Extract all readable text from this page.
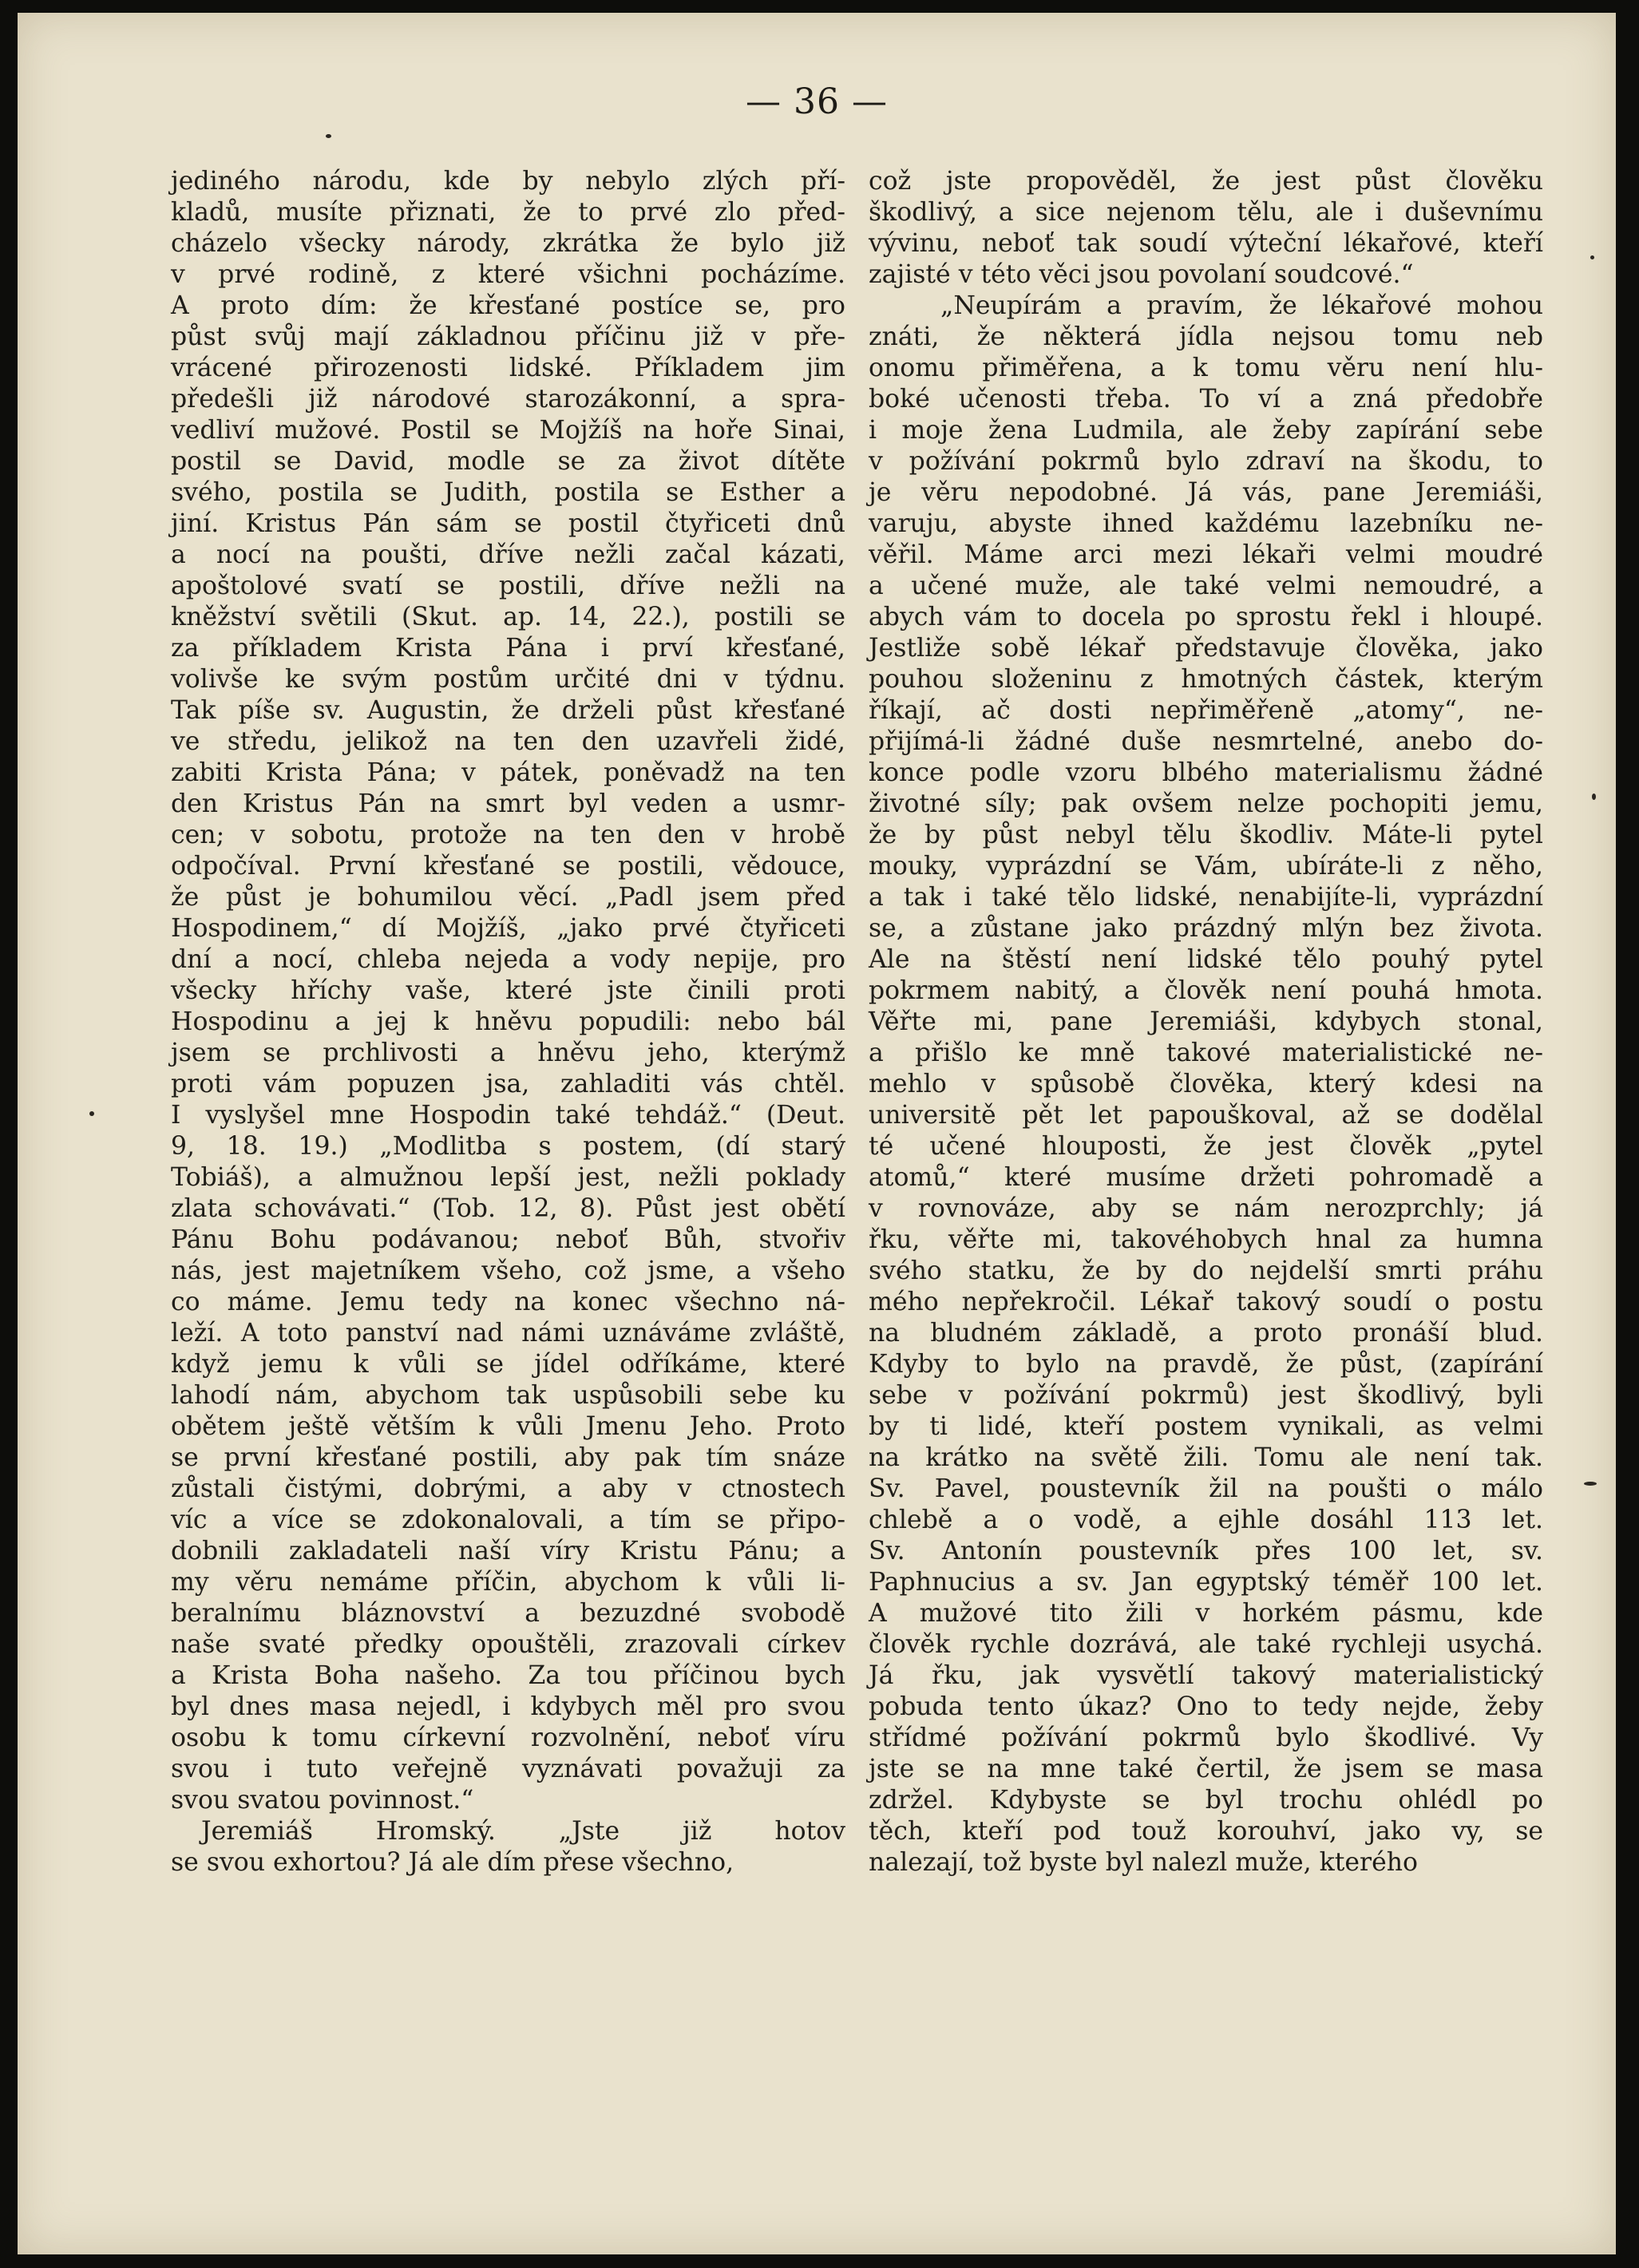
— 36 —
jediného národu, kde by nebylo zlých pří-
kladů, musíte přiznati, že to prvé zlo před-
cházelo všecky národy, zkrátka že bylo již
v prvé rodině, z které všichni pocházíme.
A proto dím: že křesťané postíce se, pro
půst svůj mají základnou příčinu již v pře-
vrácené přirozenosti lidské. Příkladem jim
předešli již národové starozákonní, a spra-
vedliví mužové. Postil se Mojžíš na hoře Sinai,
postil se David, modle se za život dítěte
svého, postila se Judith, postila se Esther a
jiní. Kristus Pán sám se postil čtyřiceti dnů
a nocí na poušti, dříve nežli začal kázati,
apoštolové svatí se postili, dříve nežli na
kněžství světili (Skut. ap. 14, 22.), postili se
za příkladem Krista Pána i prví křesťané,
volivše ke svým postům určité dni v týdnu.
Tak píše sv. Augustin, že drželi půst křesťané
ve středu, jelikož na ten den uzavřeli židé,
zabiti Krista Pána; v pátek, poněvadž na ten
den Kristus Pán na smrt byl veden a usmr-
cen; v sobotu, protože na ten den v hrobě
odpočíval. První křesťané se postili, vědouce,
že půst je bohumilou věcí. „Padl jsem před
Hospodinem,“ dí Mojžíš, „jako prvé čtyřiceti
dní a nocí, chleba nejeda a vody nepije, pro
všecky hříchy vaše, které jste činili proti
Hospodinu a jej k hněvu popudili: nebo bál
jsem se prchlivosti a hněvu jeho, kterýmž
proti vám popuzen jsa, zahladiti vás chtěl.
I vyslyšel mne Hospodin také tehdáž.“ (Deut.
9, 18. 19.) „Modlitba s postem, (dí starý
Tobiáš), a almužnou lepší jest, nežli poklady
zlata schovávati.“ (Tob. 12, 8). Půst jest obětí
Pánu Bohu podávanou; neboť Bůh, stvořiv
nás, jest majetníkem všeho, což jsme, a všeho
co máme. Jemu tedy na konec všechno ná-
leží. A toto panství nad námi uznáváme zvláště,
když jemu k vůli se jídel odříkáme, které
lahodí nám, abychom tak uspůsobili sebe ku
obětem ještě větším k vůli Jmenu Jeho. Proto
se první křesťané postili, aby pak tím snáze
zůstali čistými, dobrými, a aby v ctnostech
víc a více se zdokonalovali, a tím se připo-
dobnili zakladateli naší víry Kristu Pánu; a
my věru nemáme příčin, abychom k vůli li-
beralnímu bláznovství a bezuzdné svobodě
naše svaté předky opouštěli, zrazovali církev
a Krista Boha našeho. Za tou příčinou bych
byl dnes masa nejedl, i kdybych měl pro svou
osobu k tomu církevní rozvolnění, neboť víru
svou i tuto veřejně vyznávati považuji za
svou svatou povinnost.“
Jeremiáš Hromský. „Jste již hotov
se svou exhortou? Já ale dím přese všechno,
což jste propověděl, že jest půst člověku
škodlivý, a sice nejenom tělu, ale i duševnímu
vývinu, neboť tak soudí výteční lékařové, kteří
zajisté v této věci jsou povolaní soudcové.“
„Neupírám a pravím, že lékařové mohou
znáti, že některá jídla nejsou tomu neb
onomu přiměřena, a k tomu věru není hlu-
boké učenosti třeba. To ví a zná předobře
i moje žena Ludmila, ale žeby zapírání sebe
v požívání pokrmů bylo zdraví na škodu, to
je věru nepodobné. Já vás, pane Jeremiáši,
varuju, abyste ihned každému lazebníku ne-
věřil. Máme arci mezi lékaři velmi moudré
a učené muže, ale také velmi nemoudré, a
abych vám to docela po sprostu řekl i hloupé.
Jestliže sobě lékař představuje člověka, jako
pouhou složeninu z hmotných částek, kterým
říkají, ač dosti nepřiměřeně „atomy“, ne-
přijímá-li žádné duše nesmrtelné, anebo do-
konce podle vzoru blbého materialismu žádné
životné síly; pak ovšem nelze pochopiti jemu,
že by půst nebyl tělu škodliv. Máte-li pytel
mouky, vyprázdní se Vám, ubíráte-li z něho,
a tak i také tělo lidské, nenabijíte-li, vyprázdní
se, a zůstane jako prázdný mlýn bez života.
Ale na štěstí není lidské tělo pouhý pytel
pokrmem nabitý, a člověk není pouhá hmota.
Věřte mi, pane Jeremiáši, kdybych stonal,
a přišlo ke mně takové materialistické ne-
mehlo v spůsobě člověka, který kdesi na
universitě pět let papouškoval, až se dodělal
té učené hlouposti, že jest člověk „pytel
atomů,“ které musíme držeti pohromadě a
v rovnováze, aby se nám nerozprchly; já
řku, věřte mi, takovéhobych hnal za humna
svého statku, že by do nejdelší smrti práhu
mého nepřekročil. Lékař takový soudí o postu
na bludném základě, a proto pronáší blud.
Kdyby to bylo na pravdě, že půst, (zapírání
sebe v požívání pokrmů) jest škodlivý, byli
by ti lidé, kteří postem vynikali, as velmi
na krátko na světě žili. Tomu ale není tak.
Sv. Pavel, poustevník žil na poušti o málo
chlebě a o vodě, a ejhle dosáhl 113 let.
Sv. Antonín poustevník přes 100 let, sv.
Paphnucius a sv. Jan egyptský téměř 100 let.
A mužové tito žili v horkém pásmu, kde
člověk rychle dozrává, ale také rychleji usychá.
Já řku, jak vysvětlí takový materialistický
pobuda tento úkaz? Ono to tedy nejde, žeby
střídmé požívání pokrmů bylo škodlivé. Vy
jste se na mne také čertil, že jsem se masa
zdržel. Kdybyste se byl trochu ohlédl po
těch, kteří pod touž korouhví, jako vy, se
nalezají, tož byste byl nalezl muže, kterého
